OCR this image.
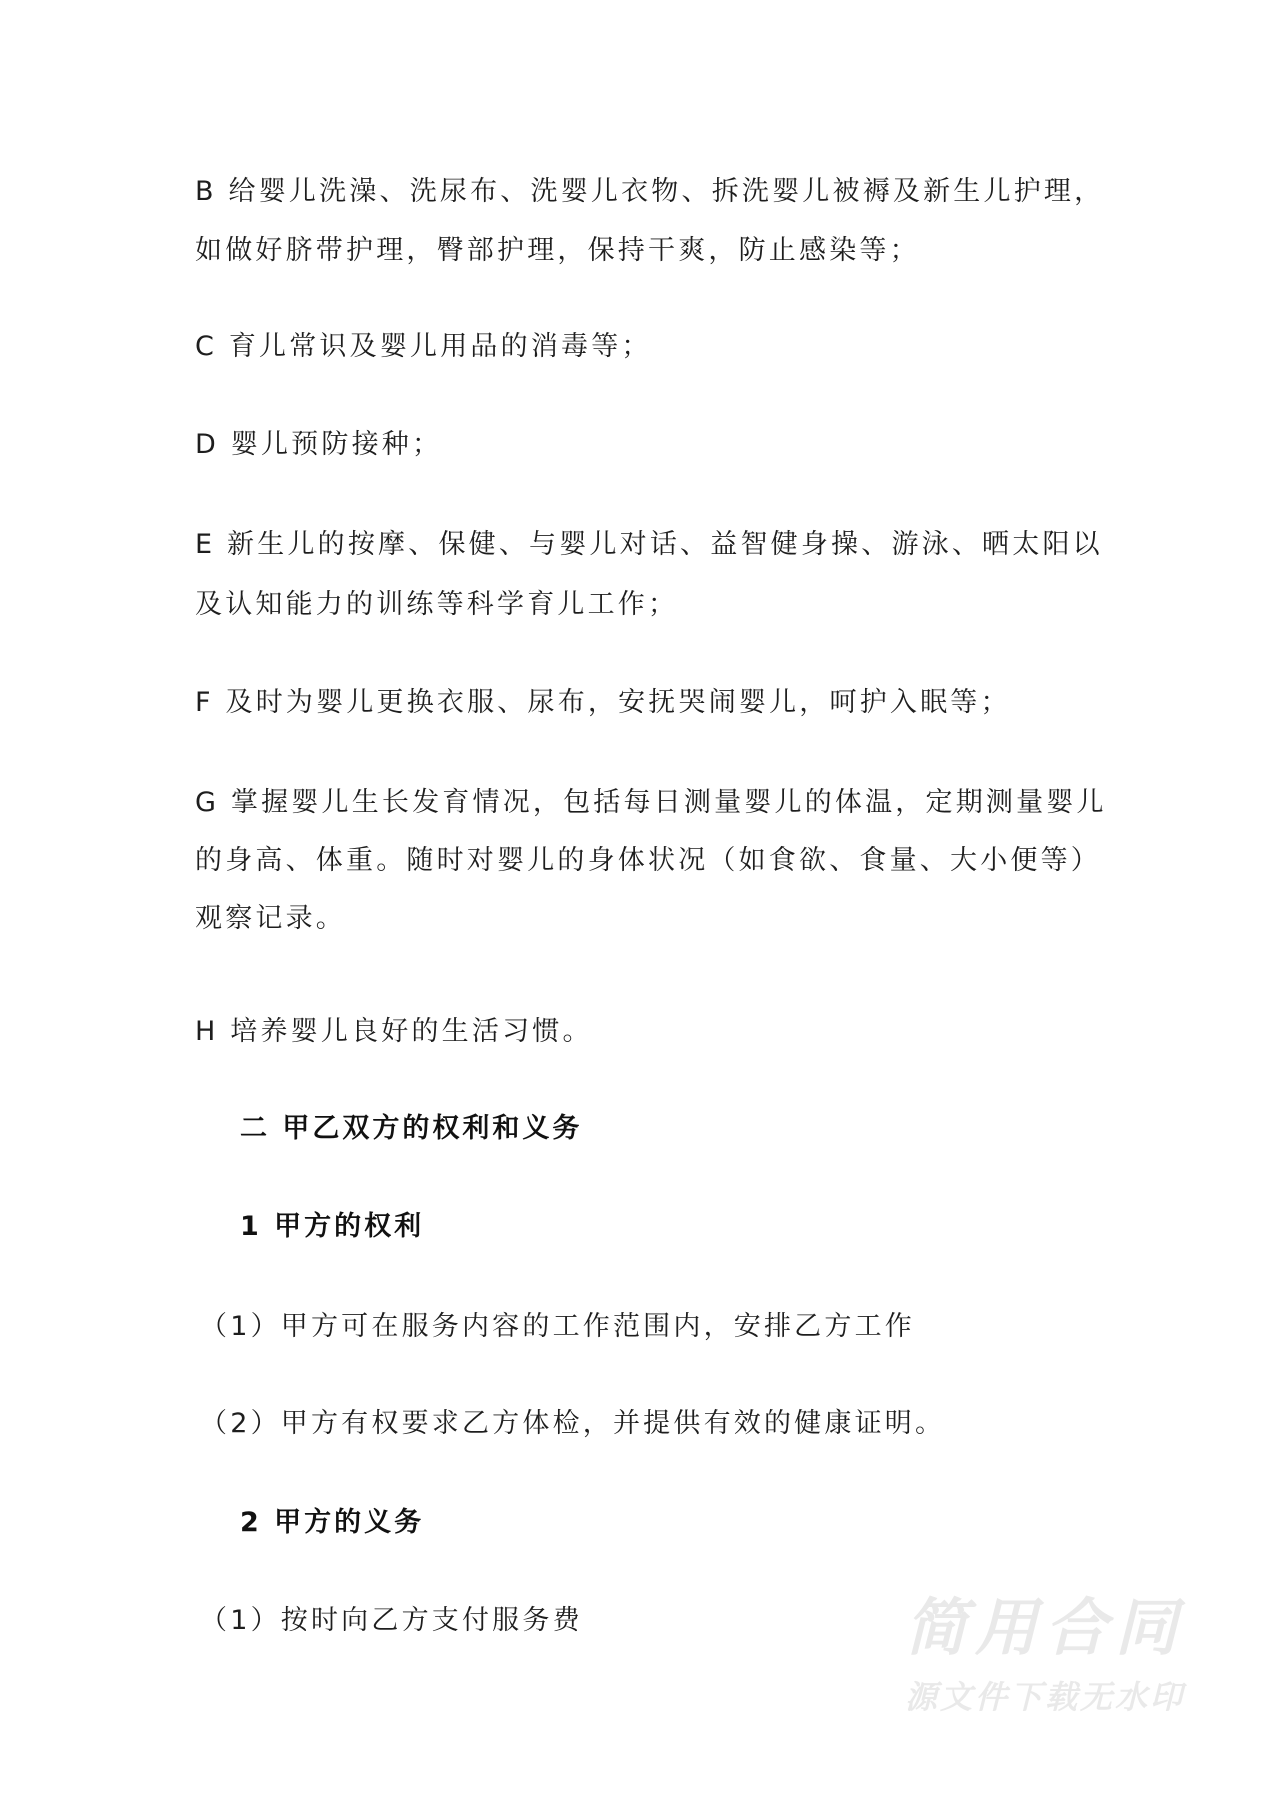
B 给婴儿洗澡、洗尿布、洗婴儿衣物、拆洗婴儿被褥及新生儿护理，
如做好脐带护理，臀部护理，保持干爽，防止感染等；
C 育儿常识及婴儿用品的消毒等；
D 婴儿预防接种；
E 新生儿的按摩、保健、与婴儿对话、益智健身操、游泳、晒太阳以
及认知能力的训练等科学育儿工作；
F 及时为婴儿更换衣服、尿布，安抚哭闹婴儿，呵护入眠等；
G 掌握婴儿生长发育情况，包括每日测量婴儿的体温，定期测量婴儿
的身高、体重。随时对婴儿的身体状况（如食欲、食量、大小便等）
观察记录。
H 培养婴儿良好的生活习惯。
二 甲乙双方的权利和义务
1 甲方的权利
（1）甲方可在服务内容的工作范围内，安排乙方工作
（2）甲方有权要求乙方体检，并提供有效的健康证明。
2 甲方的义务
（1）按时向乙方支付服务费	简用合同
源文件下载无水印
